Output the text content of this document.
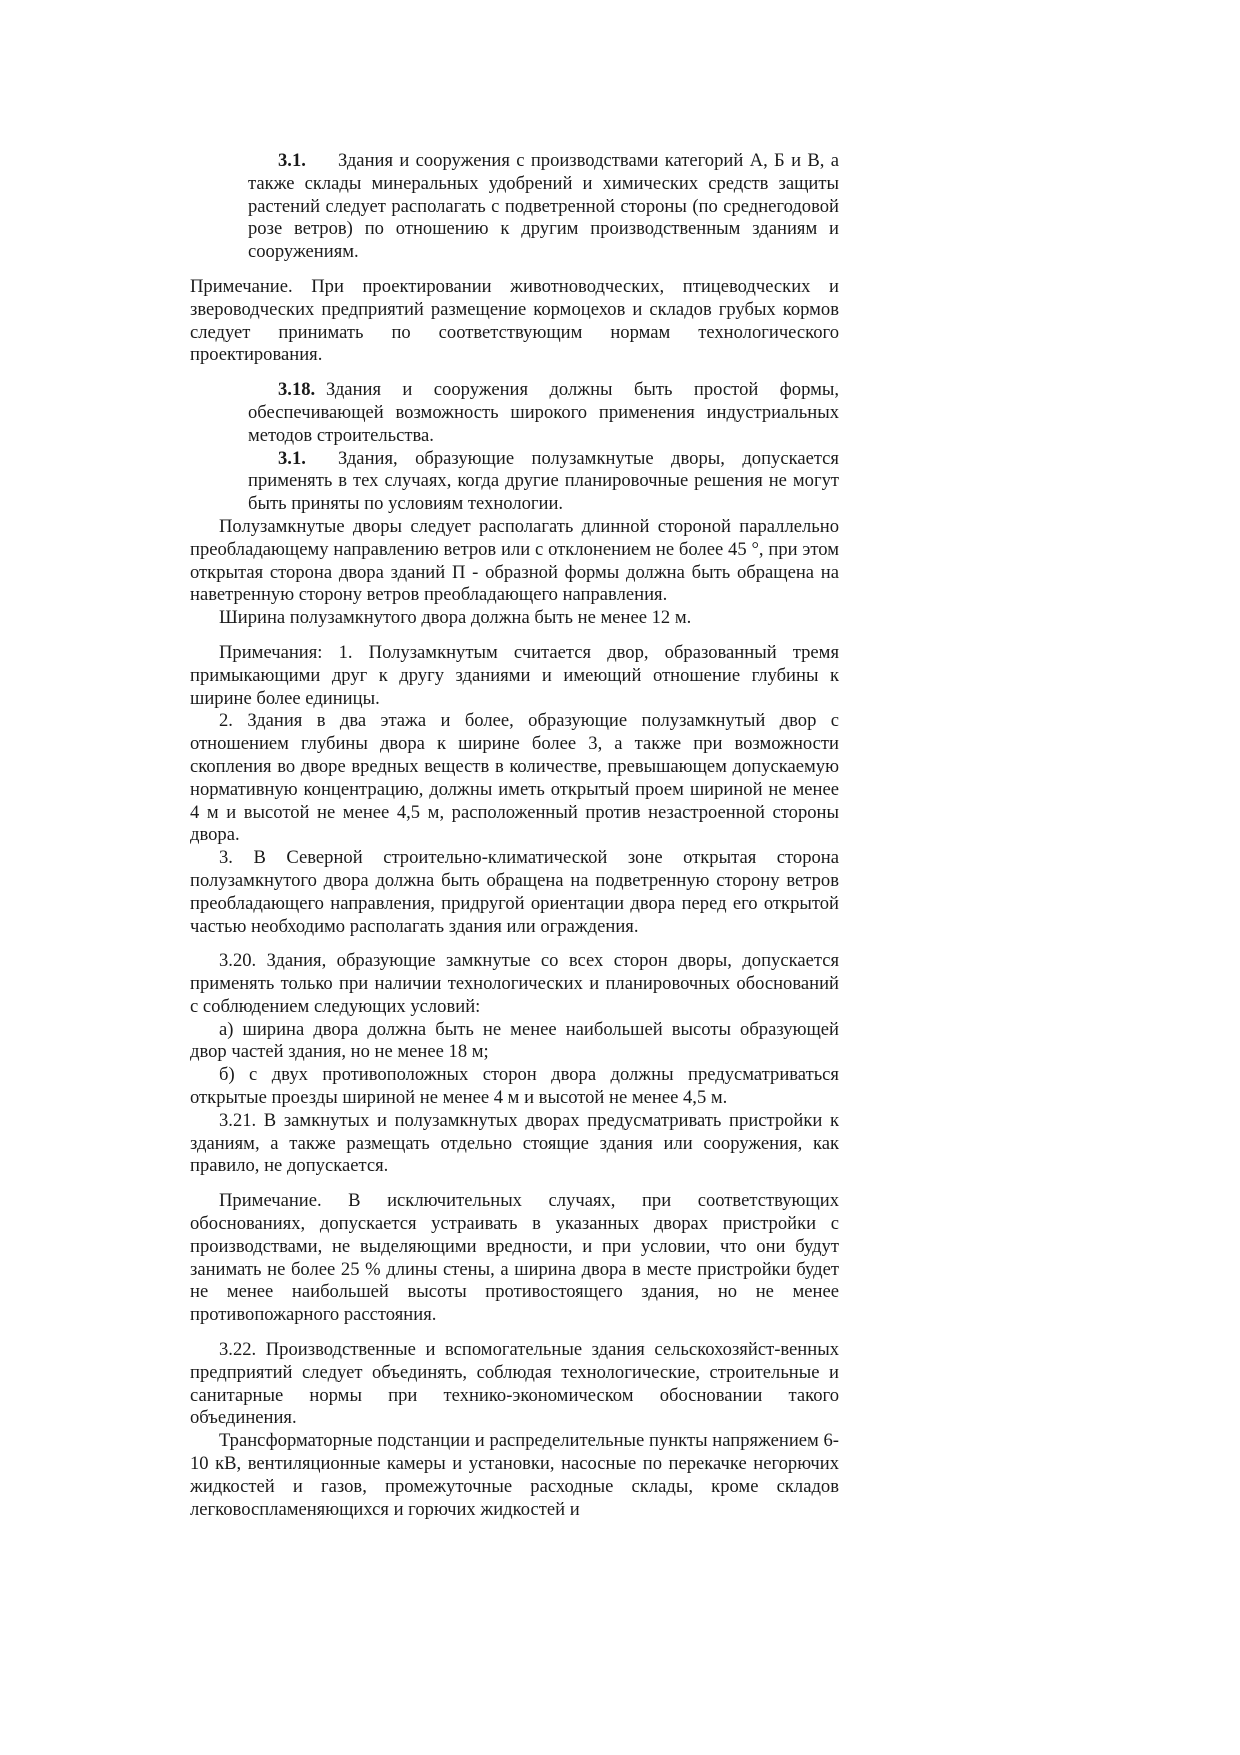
3.1. Здания и сооружения с производствами категорий А, Б и В, а также склады минеральных удобрений и химических средств защиты растений следует располагать с подветренной стороны (по среднегодовой розе ветров) по отношению к другим производственным зданиям и сооружениям.

Примечание. При проектировании животноводческих, птицеводческих и звероводческих предприятий размещение кормоцехов и складов грубых кормов следует принимать по соответствующим нормам технологического проектирования.

3.18. Здания и сооружения должны быть простой формы, обеспечивающей возможность широкого применения индустриальных методов строительства.

3.1. Здания, образующие полузамкнутые дворы, допускается применять в тех случаях, когда другие планировочные решения не могут быть приняты по условиям технологии.

Полузамкнутые дворы следует располагать длинной стороной параллельно преобладающему направлению ветров или с отклонением не более 45 °, при этом открытая сторона двора зданий П - образной формы должна быть обращена на наветренную сторону ветров преобладающего направления.

Ширина полузамкнутого двора должна быть не менее 12 м.

Примечания: 1. Полузамкнутым считается двор, образованный тремя примыкающими друг к другу зданиями и имеющий отношение глубины к ширине более единицы.

2. Здания в два этажа и более, образующие полузамкнутый двор с отношением глубины двора к ширине более 3, а также при возможности скопления во дворе вредных веществ в количестве, превышающем допускаемую нормативную концентрацию, должны иметь открытый проем шириной не менее 4 м и высотой не менее 4,5 м, расположенный против незастроенной стороны двора.

3. В Северной строительно-климатической зоне открытая сторона полузамкнутого двора должна быть обращена на подветренную сторону ветров преобладающего направления, придругой ориентации двора перед его открытой частью необходимо располагать здания или ограждения.

3.20. Здания, образующие замкнутые со всех сторон дворы, допускается применять только при наличии технологических и планировочных обоснований с соблюдением следующих условий:

а) ширина двора должна быть не менее наибольшей высоты образующей двор частей здания, но не менее 18 м;

б) с двух противоположных сторон двора должны предусматриваться открытые проезды шириной не менее 4 м и высотой не менее 4,5 м.

3.21. В замкнутых и полузамкнутых дворах предусматривать пристройки к зданиям, а также размещать отдельно стоящие здания или сооружения, как правило, не допускается.

Примечание. В исключительных случаях, при соответствующих обоснованиях, допускается устраивать в указанных дворах пристройки с производствами, не выделяющими вредности, и при условии, что они будут занимать не более 25 % длины стены, а ширина двора в месте пристройки будет не менее наибольшей высоты противостоящего здания, но не менее противопожарного расстояния.

3.22. Производственные и вспомогательные здания сельскохозяйст-венных предприятий следует объединять, соблюдая технологические, строительные и санитарные нормы при технико-экономическом обосновании такого объединения.

Трансформаторные подстанции и распределительные пункты напряжением 6-10 кВ, вентиляционные камеры и установки, насосные по перекачке негорючих жидкостей и газов, промежуточные расходные склады, кроме складов легковоспламеняющихся и горючих жидкостей и
